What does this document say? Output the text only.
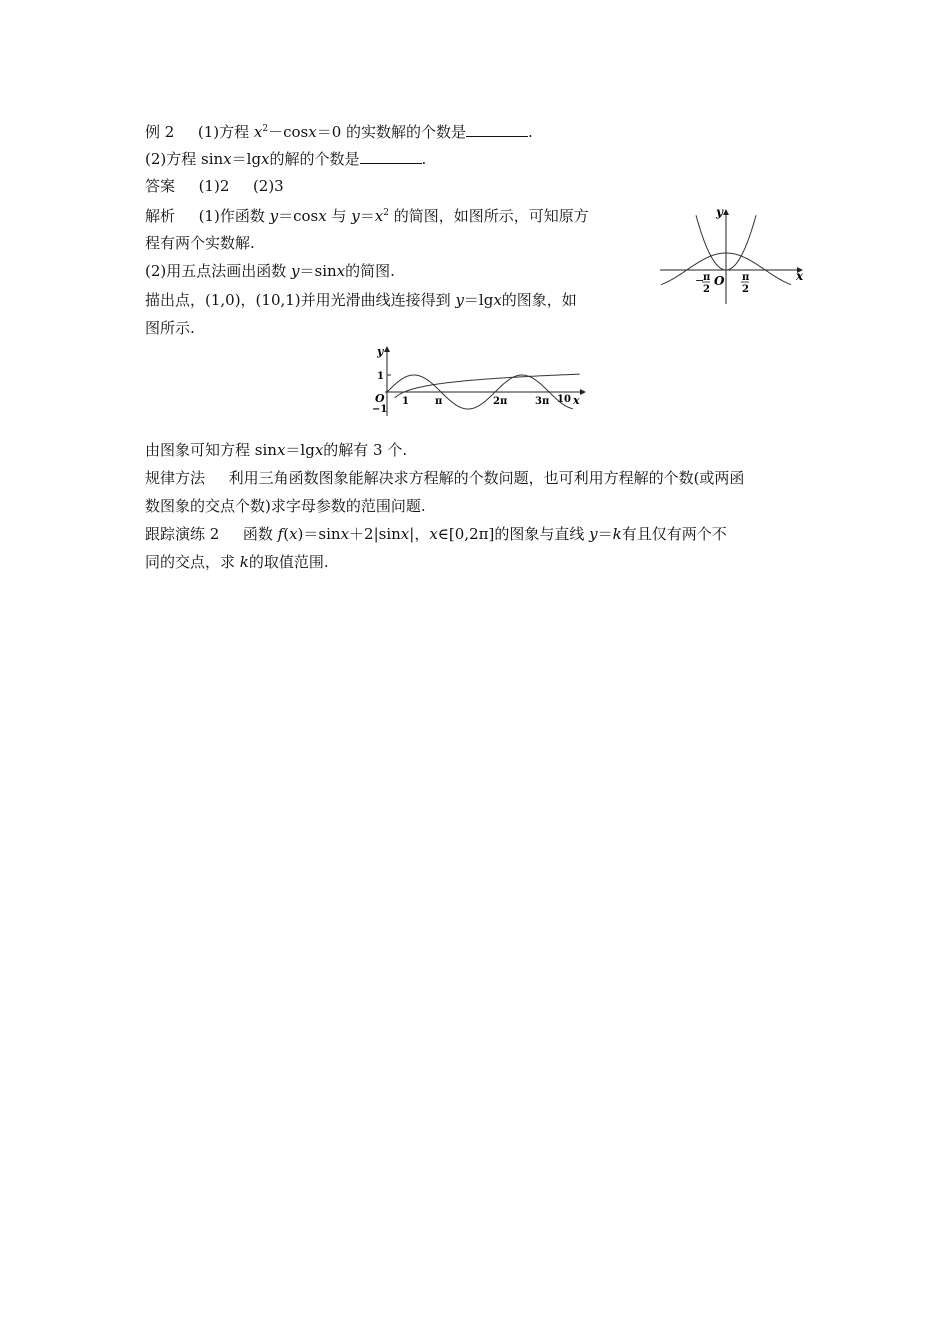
例 2 (1)方程 $x^2-\cos x=0$ 的实数解的个数是	.
(2)方程 sinx＝lgx的解的个数是	.
答案 (1)2 (2)3
解析 (1)作函数 y＝cosx 与 $y=x^2$ 的简图，如图所示，可知原方
程有两个实数解.
(2)用五点法画出函数 y＝sinx的简图.
描出点，(1,0)，(10,1)并用光滑曲线连接得到 y＝lgx的图象，如
图所示.
y
x
O
−
π
2
π
2
y
x
O
1
−1
1	π	2π	3π 10
由图象可知方程 sinx＝lgx的解有 3 个.
规律方法 利用三角函数图象能解决求方程解的个数问题，也可利用方程解的个数(或两函
数图象的交点个数)求字母参数的范围问题.
跟踪演练 2 函数 f(x)＝sinx＋2|sinx|，x∈[0,2π]的图象与直线 y＝k有且仅有两个不
同的交点，求 k的取值范围.
